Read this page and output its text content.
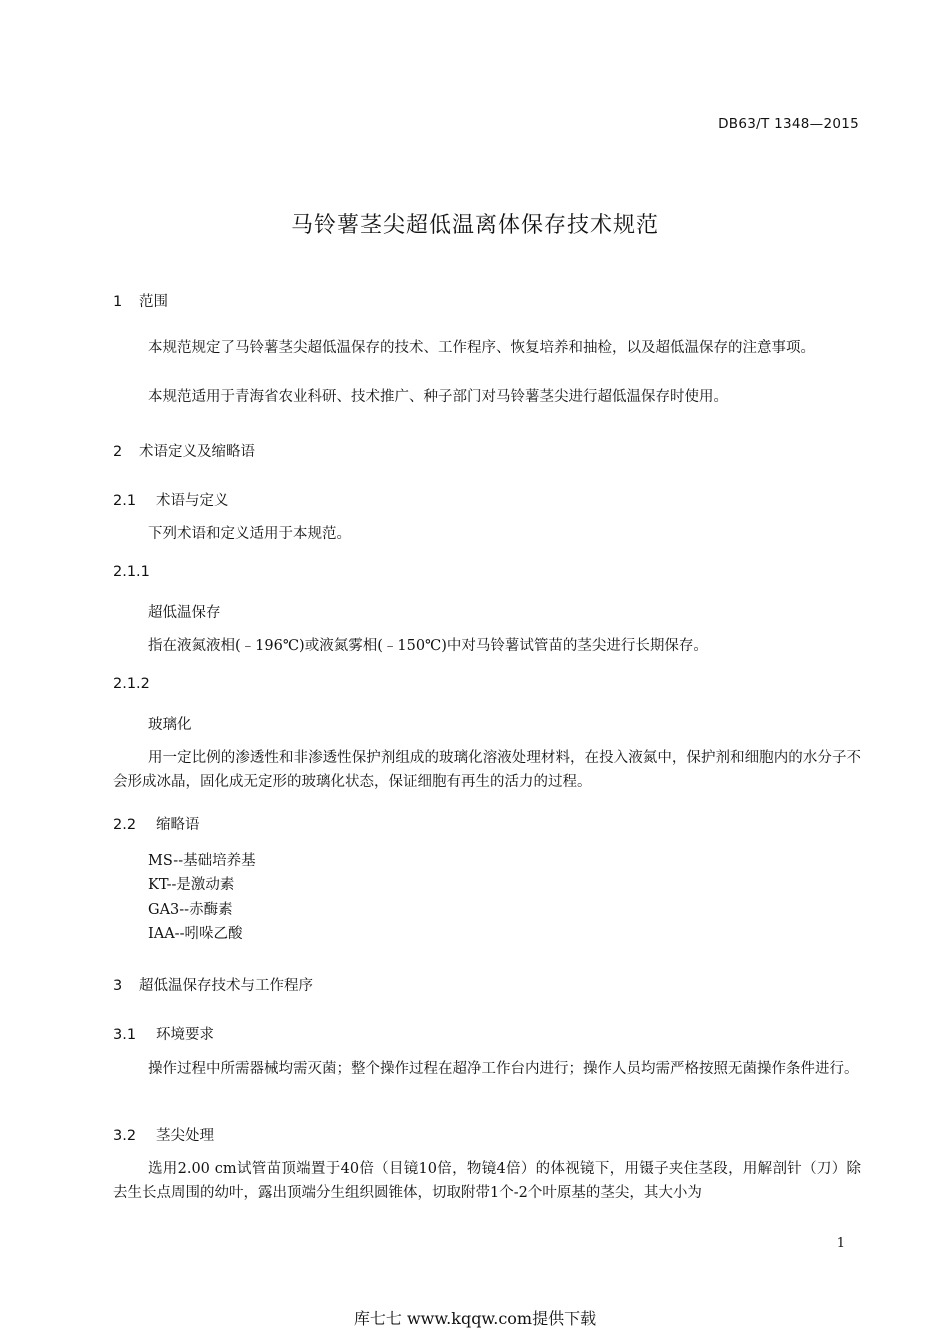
DB63/T 1348—2015
马铃薯茎尖超低温离体保存技术规范
1 范围
本规范规定了马铃薯茎尖超低温保存的技术、工作程序、恢复培养和抽检，以及超低温保存的注意事项。
本规范适用于青海省农业科研、技术推广、种子部门对马铃薯茎尖进行超低温保存时使用。
2 术语定义及缩略语
2.1 术语与定义
下列术语和定义适用于本规范。
2.1.1
超低温保存
指在液氮液相(﹣196℃)或液氮雾相(﹣150℃)中对马铃薯试管苗的茎尖进行长期保存。
2.1.2
玻璃化
用一定比例的渗透性和非渗透性保护剂组成的玻璃化溶液处理材料，在投入液氮中，保护剂和细胞内的水分子不会形成冰晶，固化成无定形的玻璃化状态，保证细胞有再生的活力的过程。
2.2 缩略语
MS--基础培养基
KT--是激动素
GA3--赤酶素
IAA--吲哚乙酸
3 超低温保存技术与工作程序
3.1 环境要求
操作过程中所需器械均需灭菌；整个操作过程在超净工作台内进行；操作人员均需严格按照无菌操作条件进行。
3.2 茎尖处理
选用2.00 cm试管苗顶端置于40倍（目镜10倍，物镜4倍）的体视镜下，用镊子夹住茎段，用解剖针（刀）除去生长点周围的幼叶，露出顶端分生组织圆锥体，切取附带1个-2个叶原基的茎尖，其大小为
1
库七七 www.kqqw.com提供下载
